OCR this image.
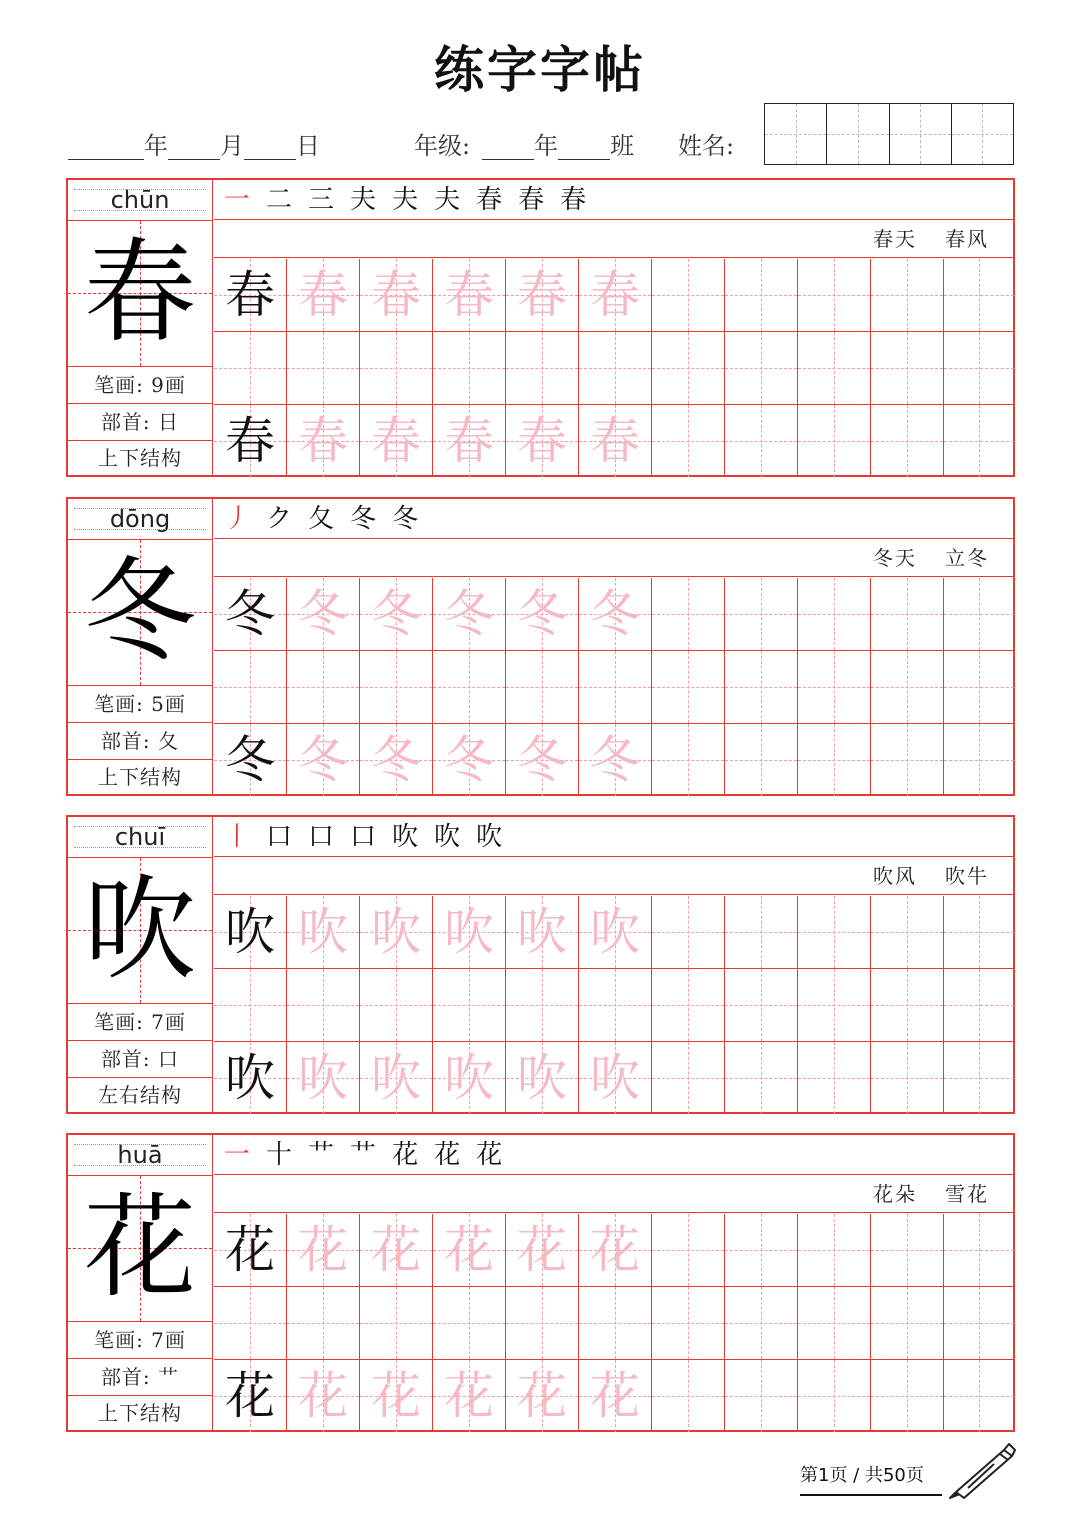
练字字帖
年 月 日	年级:	年 班 姓名:
chūn
春
笔画: 9画
部首: 日
上下结构
一 二 三 夫 夫 夫 春 春 春
春天 春风
春 春 春 春 春 春
春 春 春 春 春 春
dōng
冬
笔画: 5画
部首: 夂
上下结构
丿 ク 夂 冬 冬
冬天 立冬
冬 冬 冬 冬 冬 冬
冬 冬 冬 冬 冬 冬
chuī
吹
笔画: 7画
部首: 口
左右结构
丨 口 口 口 吹 吹 吹
吹风 吹牛
吹 吹 吹 吹 吹 吹
吹 吹 吹 吹 吹 吹
huā
花
笔画: 7画
部首: 艹
上下结构
一 十 艹 艹 花 花 花
花朵 雪花
花 花 花 花 花 花
花 花 花 花 花 花
第1页 / 共50页
